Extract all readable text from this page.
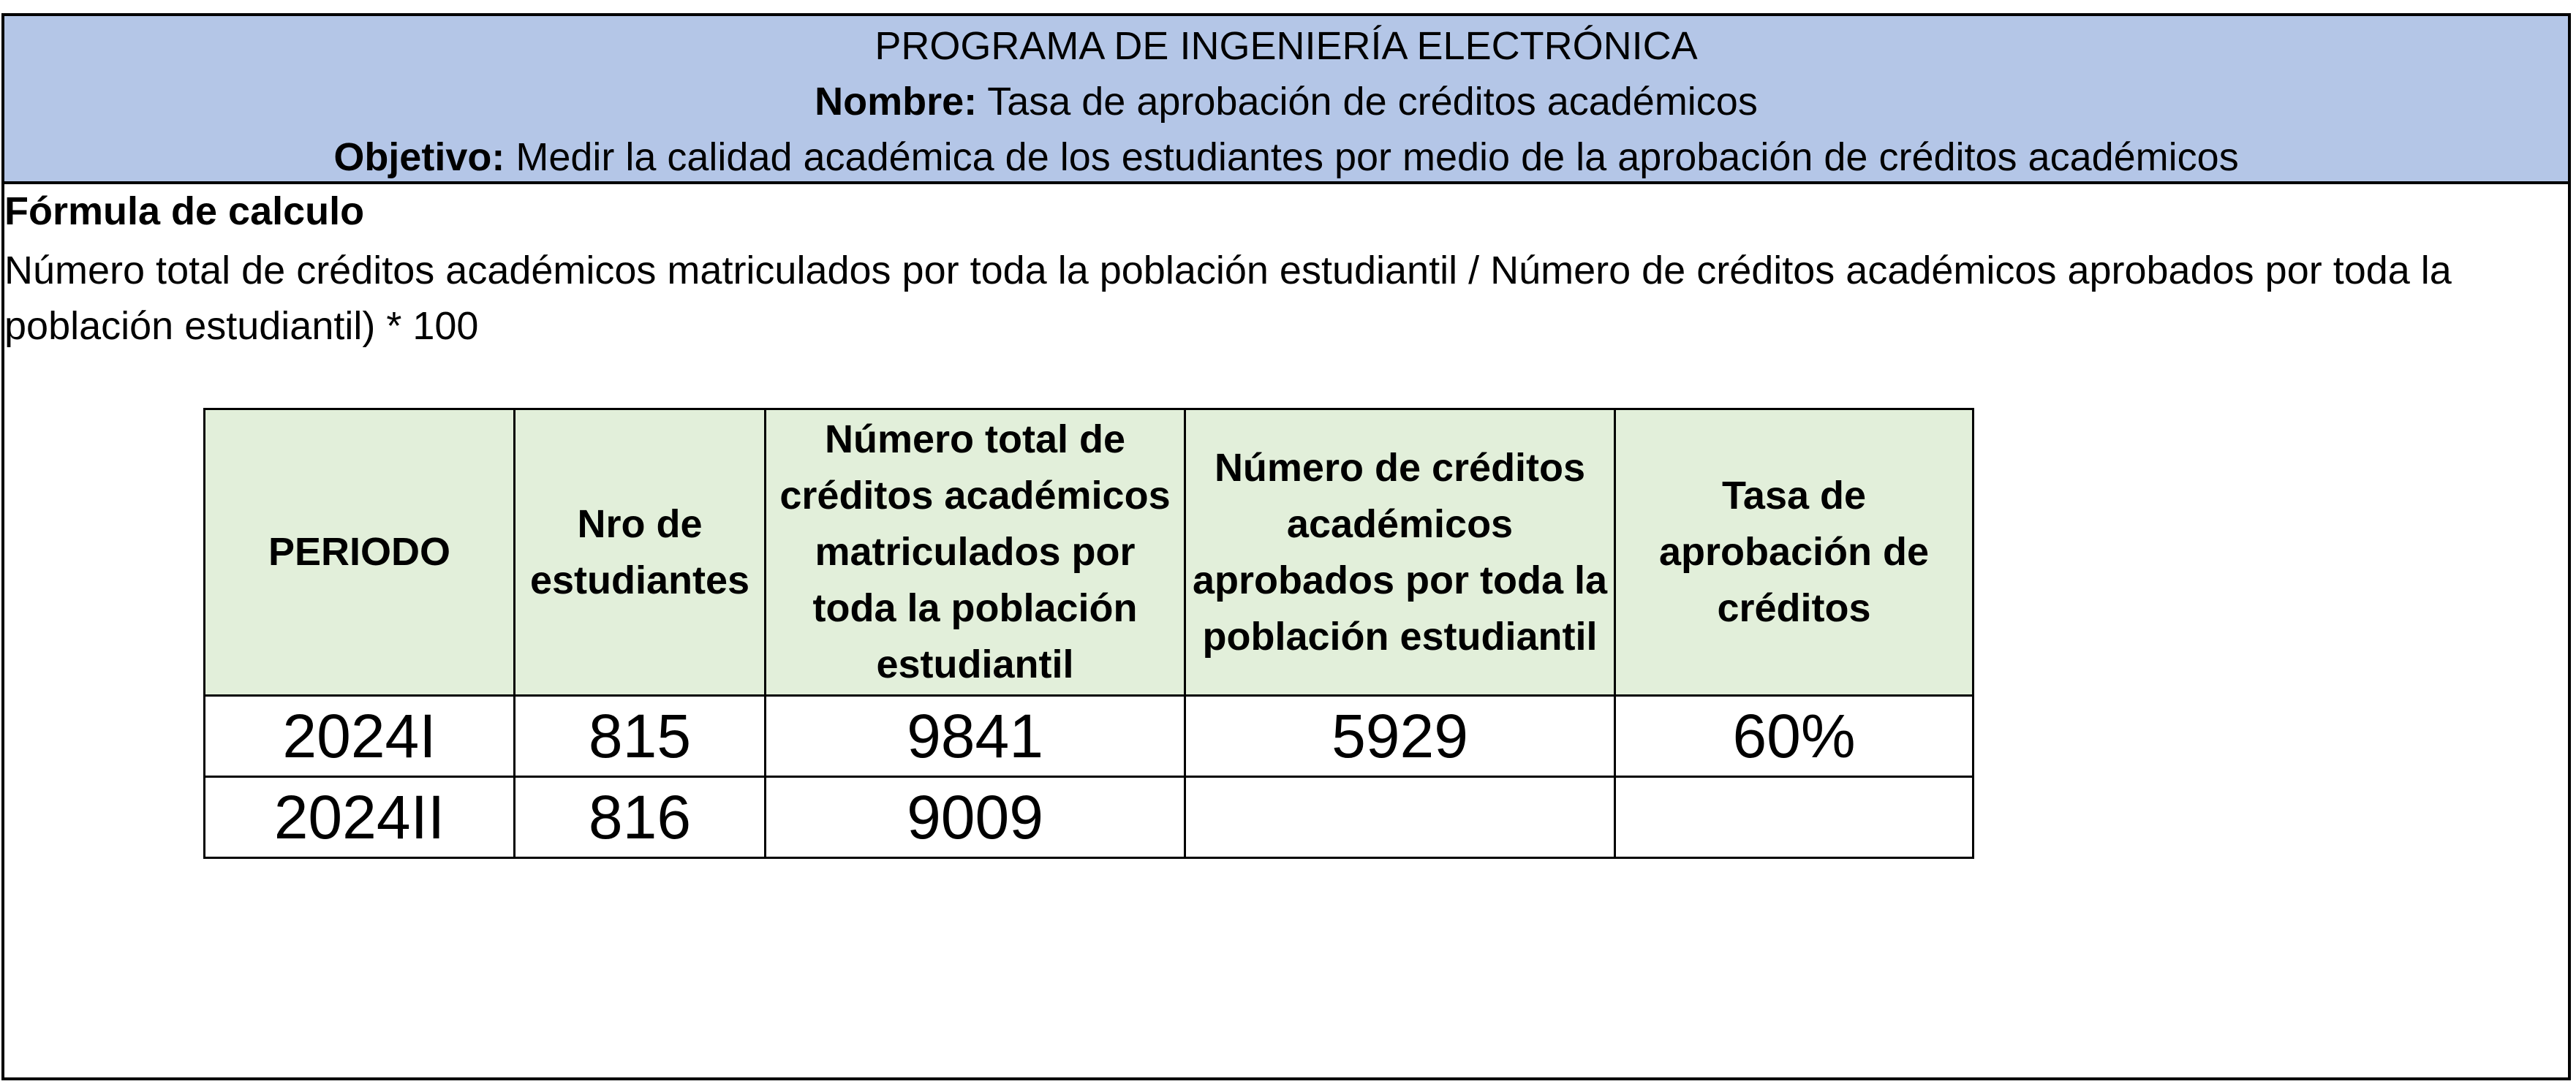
PROGRAMA DE INGENIERÍA ELECTRÓNICA
Nombre: Tasa de aprobación de créditos académicos
Objetivo: Medir la calidad académica de los estudiantes por medio de la aprobación de créditos académicos
Fórmula de calculo
Número total de créditos académicos matriculados por toda la población estudiantil / Número de créditos académicos aprobados por toda la población estudiantil) * 100
PERIODO	Nro de estudiantes	Número total de créditos académicos matriculados por toda la población estudiantil	Número de créditos académicos aprobados por toda la población estudiantil	Tasa de aprobación de créditos
2024I	815	9841	5929	60%
2024II	816	9009		
